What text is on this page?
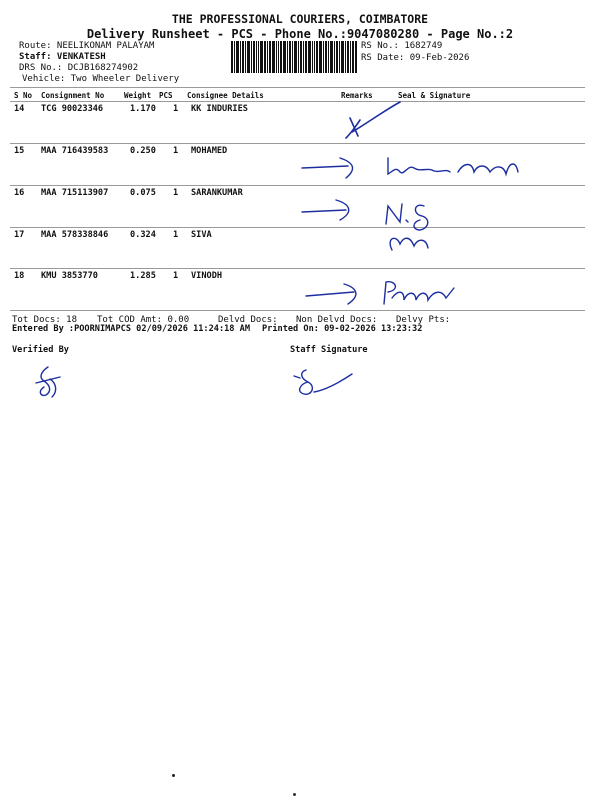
THE PROFESSIONAL COURIERS, COIMBATORE
Delivery Runsheet - PCS - Phone No.:9047080280 - Page No.:2
Route: NEELIKONAM PALAYAM
Staff: VENKATESH
DRS No.: DCJB168274902
Vehicle: Two Wheeler Delivery
RS No.: 1682749
RS Date: 09-Feb-2026
S No Consignment No	Weight PCS Consignee Details	Remarks	Seal & Signature
14 TCG 90023346	1.170 1 KK INDURIES
15 MAA 716439583	0.250 1 MOHAMED
16 MAA 715113907	0.075 1 SARANKUMAR
17 MAA 578338846	0.324 1 SIVA
18 KMU 3853770	1.285 1 VINODH
Tot Docs: 18 Tot COD Amt: 0.00	Delvd Docs: Non Delvd Docs: Delvy Pts:
Entered By :POORNIMAPCS 02/09/2026 11:24:18 AM Printed On: 09-02-2026 13:23:32
Verified By	Staff Signature
